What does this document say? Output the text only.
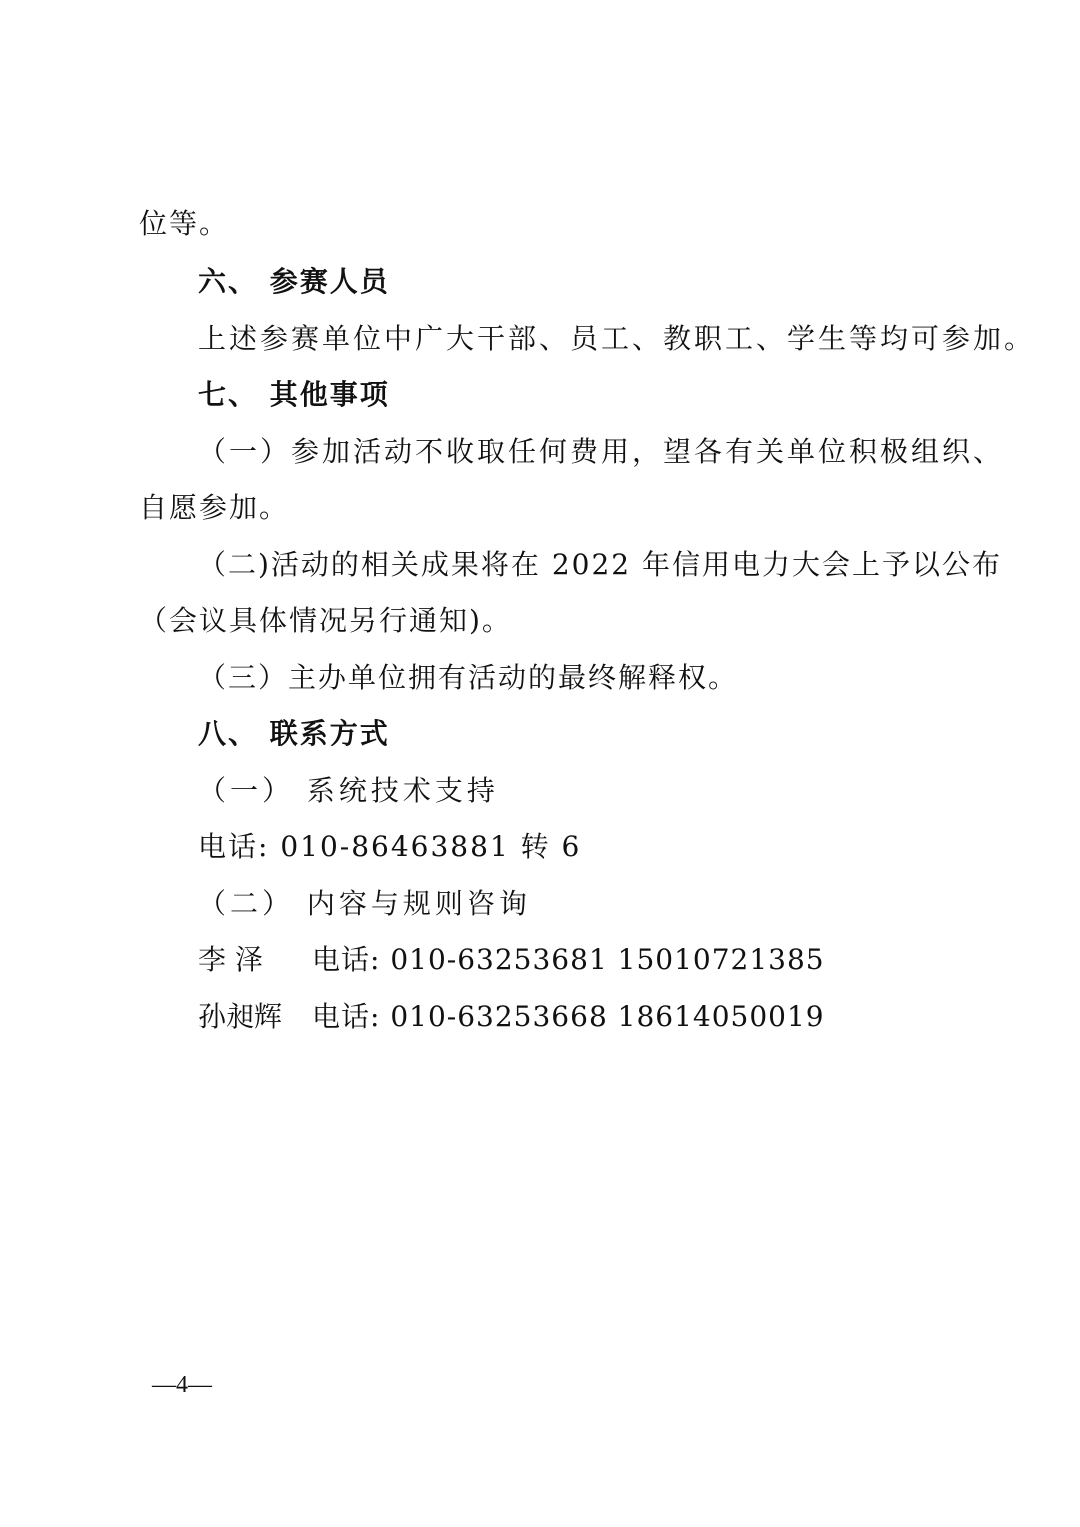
位等。
六、 参赛人员
上述参赛单位中广大干部、员工、教职工、学生等均可参加。
七、 其他事项
（一）参加活动不收取任何费用，望各有关单位积极组织、
自愿参加。
（二)活动的相关成果将在 2022 年信用电力大会上予以公布
（会议具体情况另行通知)。
（三）主办单位拥有活动的最终解释权。
八、 联系方式
（一） 系统技术支持
电话: 010-86463881 转 6
（二） 内容与规则咨询
李 泽 电话: 010-63253681 15010721385
孙昶辉 电话: 010-63253668 18614050019
—4—
